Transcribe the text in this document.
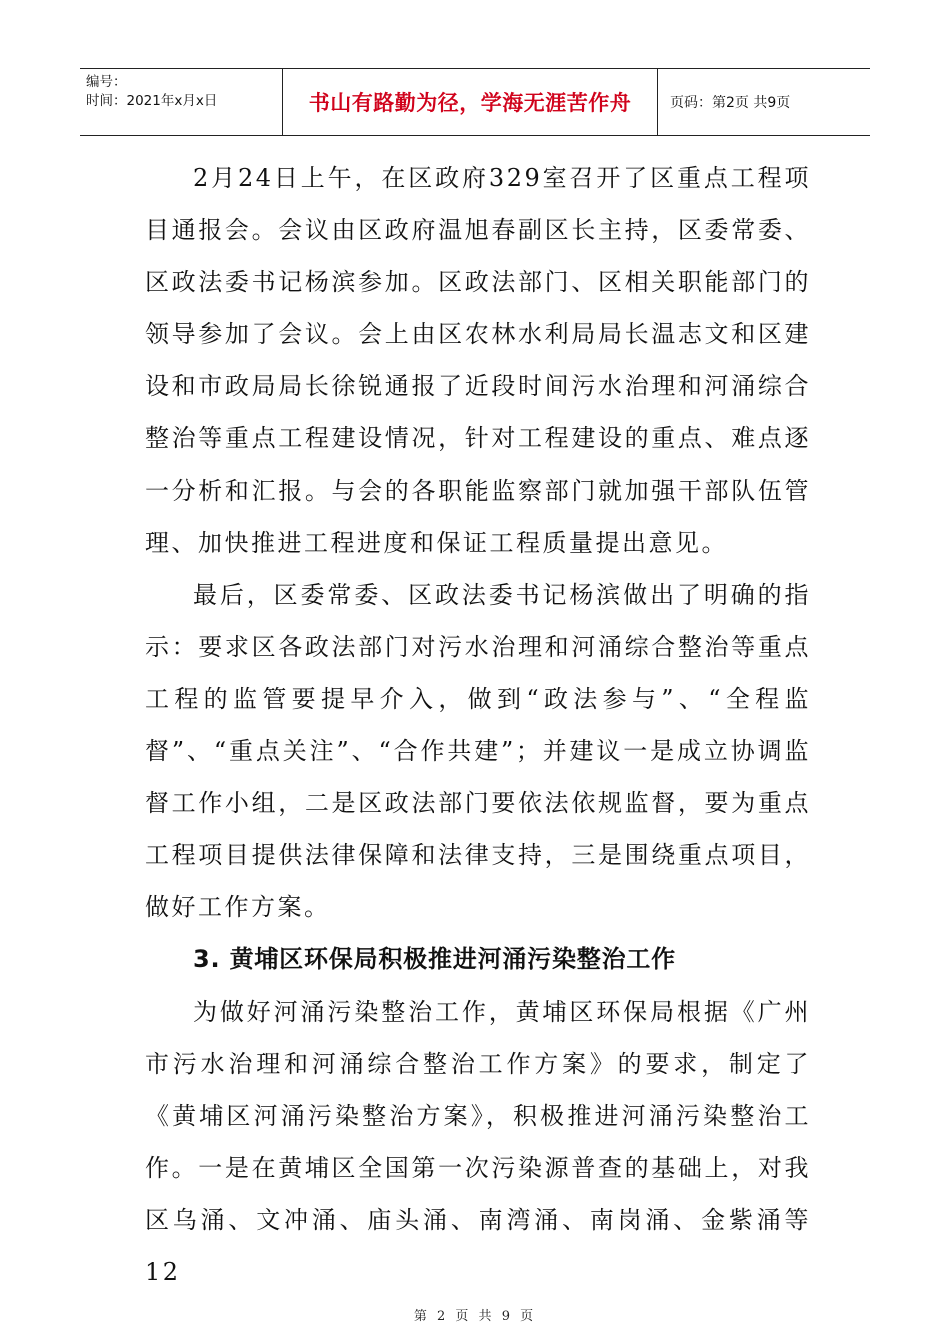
编号：
时间：2021年x月x日	书山有路勤为径，学海无涯苦作舟	页码：第2页 共9页

2月24日上午，在区政府329室召开了区重点工程项目通报会。会议由区政府温旭春副区长主持，区委常委、区政法委书记杨滨参加。区政法部门、区相关职能部门的领导参加了会议。会上由区农林水利局局长温志文和区建设和市政局局长徐锐通报了近段时间污水治理和河涌综合整治等重点工程建设情况，针对工程建设的重点、难点逐一分析和汇报。与会的各职能监察部门就加强干部队伍管理、加快推进工程进度和保证工程质量提出意见。

最后，区委常委、区政法委书记杨滨做出了明确的指示：要求区各政法部门对污水治理和河涌综合整治等重点工程的监管要提早介入，做到“政法参与”、“全程监督”、“重点关注”、“合作共建”；并建议一是成立协调监督工作小组，二是区政法部门要依法依规监督，要为重点工程项目提供法律保障和法律支持，三是围绕重点项目，做好工作方案。

3. 黄埔区环保局积极推进河涌污染整治工作

为做好河涌污染整治工作，黄埔区环保局根据《广州市污水治理和河涌综合整治工作方案》的要求，制定了《黄埔区河涌污染整治方案》，积极推进河涌污染整治工作。一是在黄埔区全国第一次污染源普查的基础上，对我区乌涌、文冲涌、庙头涌、南湾涌、南岗涌、金紫涌等12

第 2 页 共 9 页
